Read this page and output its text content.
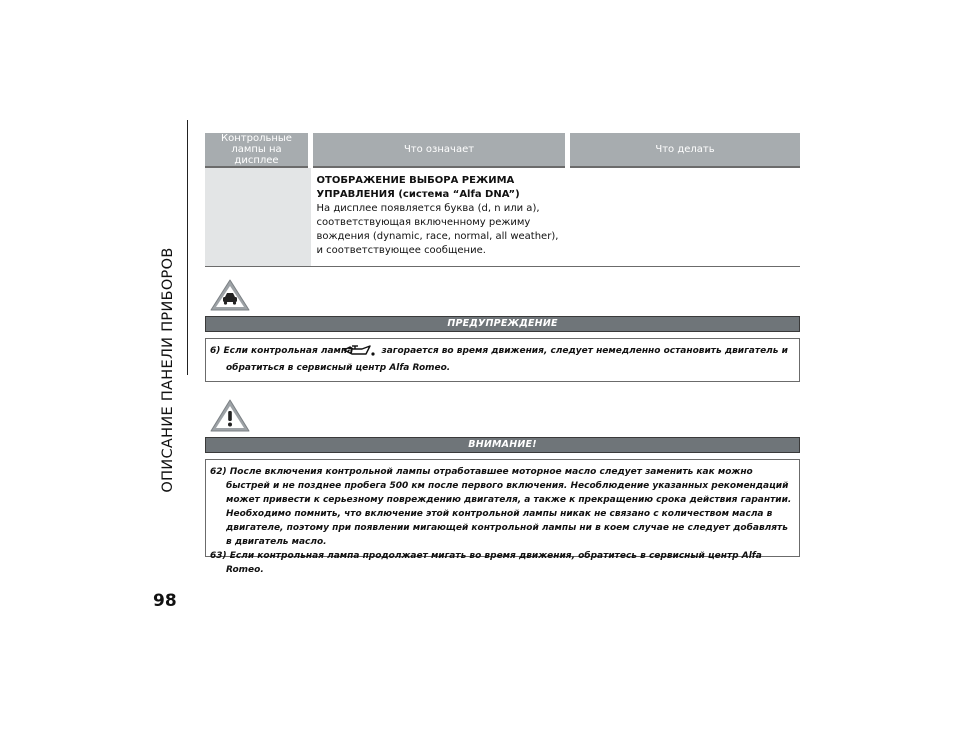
ОПИСАНИЕ ПАНЕЛИ ПРИБОРОВ
Контрольные лампы на дисплее	Что означает	Что делать

	ОТОБРАЖЕНИЕ ВЫБОРА РЕЖИМА
УПРАВЛЕНИЯ (система “Alfa DNA”)
На дисплее появляется буква (d, n или a), соответствующая включенному режиму вождения (dynamic, race, normal, all weather), и соответствующее сообщение.	
ПРЕДУПРЕЖДЕНИЕ
6) Если контрольная лампа	загорается во время движения, следует немедленно остановить двигатель и обратиться в сервисный центр Alfa Romeo.
ВНИМАНИЕ!
62) После включения контрольной лампы отработавшее моторное масло следует заменить как можно быстрей и не позднее пробега 500 км после первого включения. Несоблюдение указанных рекомендаций может привести к серьезному повреждению двигателя, а также к прекращению срока действия гарантии. Необходимо помнить, что включение этой контрольной лампы никак не связано с количеством масла в двигателе, поэтому при появлении мигающей контрольной лампы ни в коем случае не следует добавлять в двигатель масло.
63) Если контрольная лампа продолжает мигать во время движения, обратитесь в сервисный центр Alfa Romeo.
98
